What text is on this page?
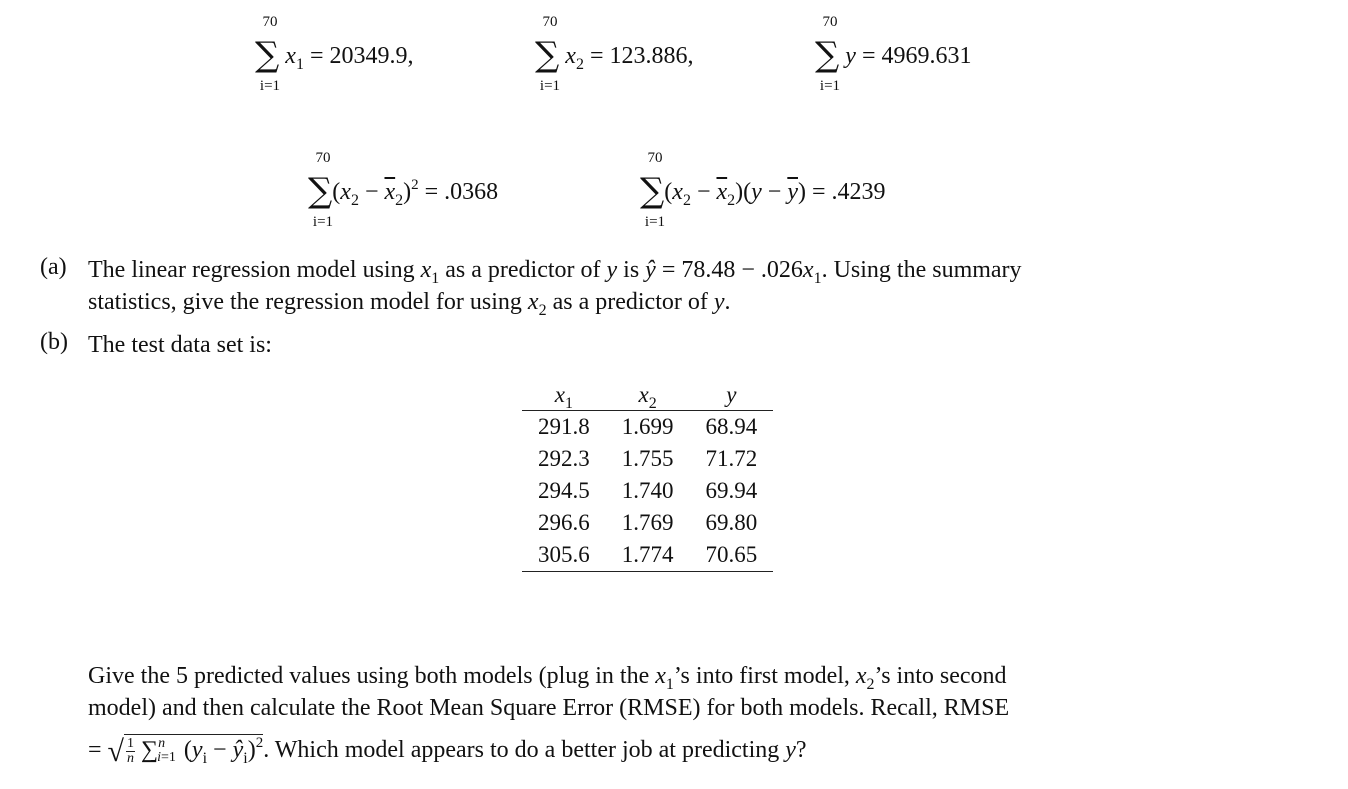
70
∑ $x_1 = 20349.9$,
i=1
70
∑ $x_2 = 123.886$,
i=1
70
∑ y = 4969.631
i=1
70
$\sum(x_2 - \overline{x}_2)^2 = .0368$
i=1
70
$\sum(x_2 - \overline{x}_2)(y - \overline{y}) = .4239$
i=1
(a) The linear regression model using $x_1$ as a predictor of y is ŷ = $78.48 - .026x_1$. Using the summary

statistics, give the regression model for using $x_2$ as a predictor of y.

(b) The test data set is:

$x_1$	$x_2$	y
291.8	1.699	68.94
292.3	1.755	71.72
294.5	1.740	69.94
296.6	1.769	69.80
305.6	1.774	70.65

Give the 5 predicted values using both models (plug in the $x_1’s$ into first model, $x_2’s$ into second

model) and then calculate the Root Mean Square Error (RMSE) for both models. Recall, RMSE

= √ $\frac{1}{n} \sum^ni=1$ ($y_i$ − $ŷ_i)^2$. Which model appears to do a better job at predicting y?
